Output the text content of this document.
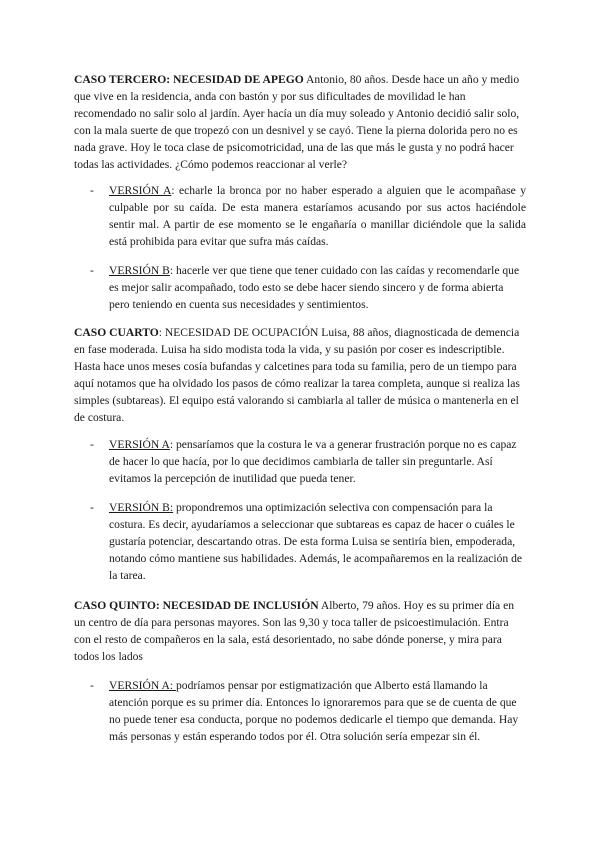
CASO TERCERO: NECESIDAD DE APEGO Antonio, 80 años. Desde hace un año y medio que vive en la residencia, anda con bastón y por sus dificultades de movilidad le han recomendado no salir solo al jardín. Ayer hacía un día muy soleado y Antonio decidió salir solo, con la mala suerte de que tropezó con un desnivel y se cayó. Tiene la pierna dolorida pero no es nada grave. Hoy le toca clase de psicomotricidad, una de las que más le gusta y no podrá hacer todas las actividades. ¿Cómo podemos reaccionar al verle?

-	VERSIÓN A: echarle la bronca por no haber esperado a alguien que le acompañase y culpable por su caída. De esta manera estaríamos acusando por sus actos haciéndole sentir mal. A partir de ese momento se le engañaría o manillar diciéndole que la salida está prohibida para evitar que sufra más caídas.

-	VERSIÓN B: hacerle ver que tiene que tener cuidado con las caídas y recomendarle que es mejor salir acompañado, todo esto se debe hacer siendo sincero y de forma abierta pero teniendo en cuenta sus necesidades y sentimientos.

CASO CUARTO: NECESIDAD DE OCUPACIÓN Luisa, 88 años, diagnosticada de demencia en fase moderada. Luisa ha sido modista toda la vida, y su pasión por coser es indescriptible. Hasta hace unos meses cosía bufandas y calcetines para toda su familia, pero de un tiempo para aquí notamos que ha olvidado los pasos de cómo realizar la tarea completa, aunque si realiza las simples (subtareas). El equipo está valorando si cambiarla al taller de música o mantenerla en el de costura.

-	VERSIÓN A: pensaríamos que la costura le va a generar frustración porque no es capaz de hacer lo que hacía, por lo que decidimos cambiarla de taller sin preguntarle. Así evitamos la percepción de inutilidad que pueda tener.

-	VERSIÓN B: propondremos una optimización selectiva con compensación para la costura. Es decir, ayudaríamos a seleccionar que subtareas es capaz de hacer o cuáles le gustaría potenciar, descartando otras. De esta forma Luisa se sentiría bien, empoderada, notando cómo mantiene sus habilidades. Además, le acompañaremos en la realización de la tarea.

CASO QUINTO: NECESIDAD DE INCLUSIÓN Alberto, 79 años. Hoy es su primer día en un centro de día para personas mayores. Son las 9,30 y toca taller de psicoestimulación. Entra con el resto de compañeros en la sala, está desorientado, no sabe dónde ponerse, y mira para todos los lados

-	VERSIÓN A: podríamos pensar por estigmatización que Alberto está llamando la atención porque es su primer día. Entonces lo ignoraremos para que se de cuenta de que no puede tener esa conducta, porque no podemos dedicarle el tiempo que demanda. Hay más personas y están esperando todos por él. Otra solución sería empezar sin él.
